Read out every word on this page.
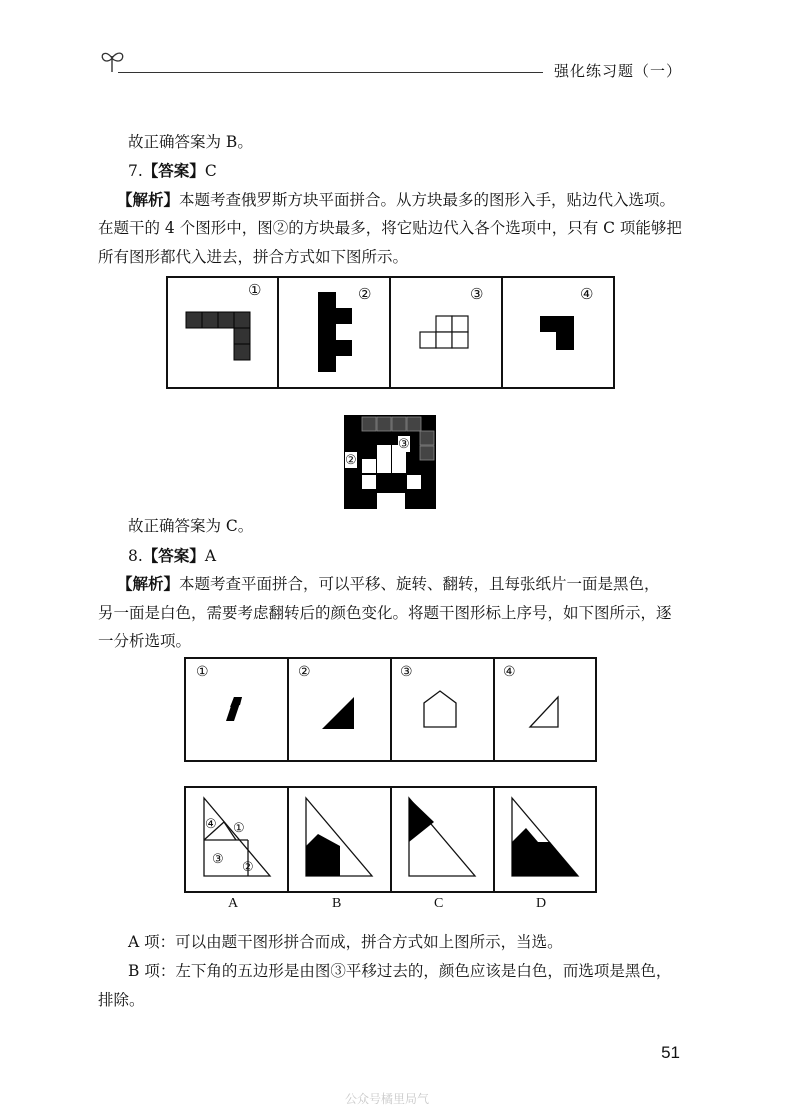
强化练习题（一）
故正确答案为 B。
7.【答案】C
【解析】本题考查俄罗斯方块平面拼合。从方块最多的图形入手，贴边代入选项。
在题干的 4 个图形中，图②的方块最多，将它贴边代入各个选项中，只有 C 项能够把
所有图形都代入进去，拼合方式如下图所示。
①	②	③	④
③
②
故正确答案为 C。
8.【答案】A
【解析】本题考查平面拼合，可以平移、旋转、翻转，且每张纸片一面是黑色，
另一面是白色，需要考虑翻转后的颜色变化。将题干图形标上序号，如下图所示，逐
一分析选项。
①	②	③	④
④ ①
③
②
A	B	C	D
A 项：可以由题干图形拼合而成，拼合方式如上图所示，当选。
B 项：左下角的五边形是由图③平移过去的，颜色应该是白色，而选项是黑色，
排除。
51
公众号橘里局气
